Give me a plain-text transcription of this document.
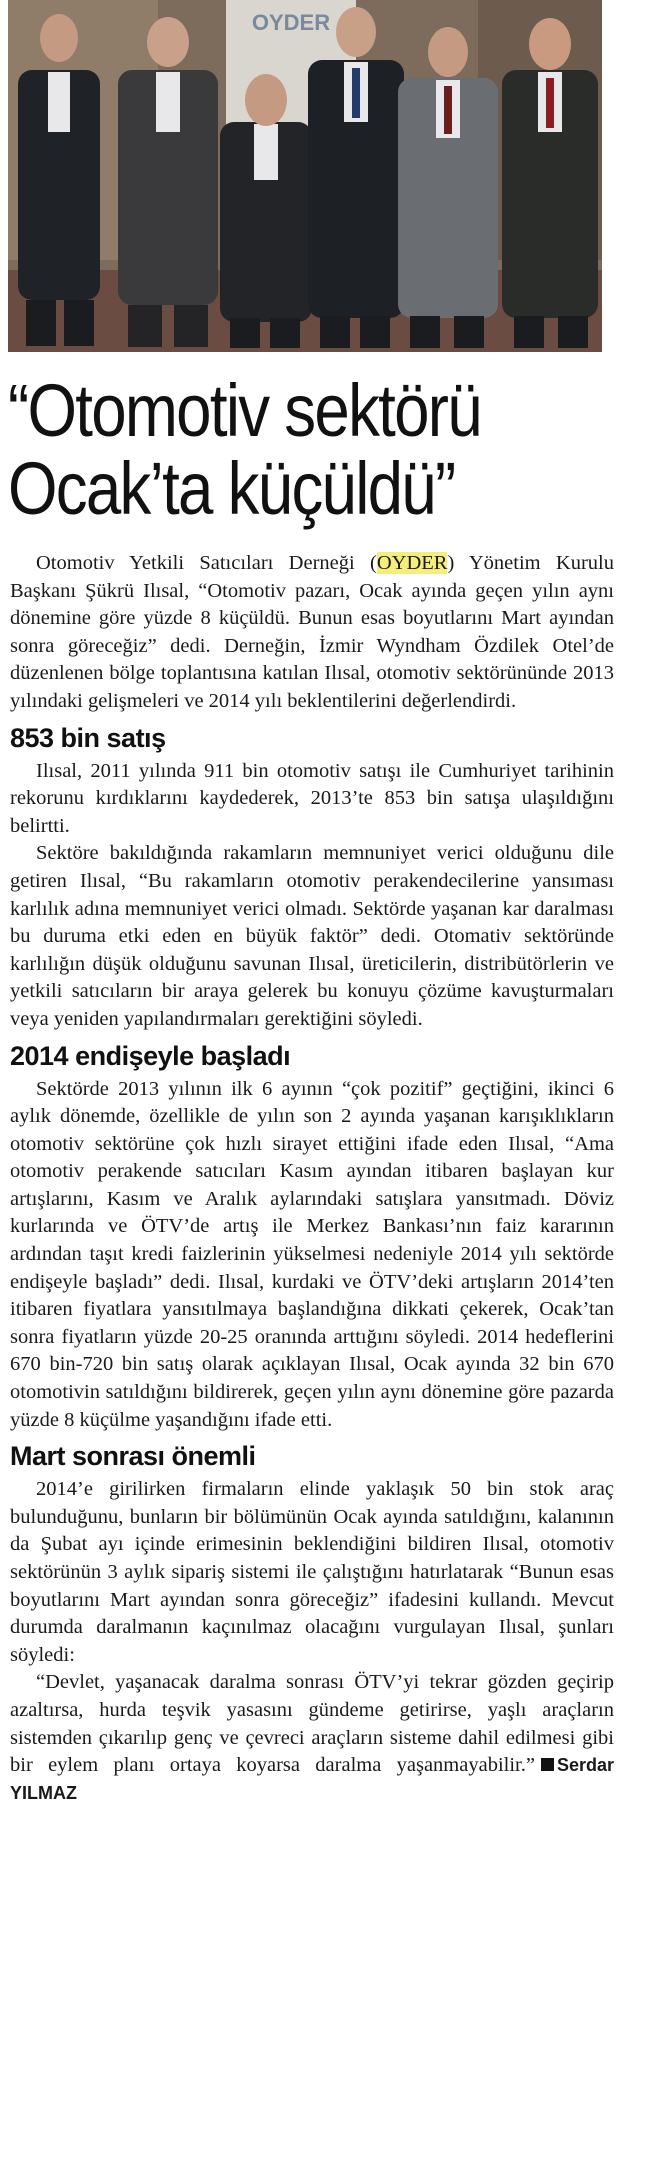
OYDER
“Otomotiv sektörü
Ocak’ta küçüldü”

Otomotiv Yetkili Satıcıları Derneği (OYDER) Yönetim Kurulu Başkanı Şükrü Ilısal, “Otomotiv pazarı, Ocak ayında geçen yılın aynı dönemine göre yüzde 8 küçüldü. Bunun esas boyutlarını Mart ayından sonra göreceğiz” dedi. Derneğin, İzmir Wyndham Özdilek Otel’de düzenlenen bölge toplantısına katılan Ilısal, otomotiv sektörününde 2013 yılındaki gelişmeleri ve 2014 yılı beklentilerini değerlendirdi.

853 bin satış

Ilısal, 2011 yılında 911 bin otomotiv satışı ile Cumhuriyet tarihinin rekorunu kırdıklarını kaydederek, 2013’te 853 bin satışa ulaşıldığını belirtti.

Sektöre bakıldığında rakamların memnuniyet verici olduğunu dile getiren Ilısal, “Bu rakamların otomotiv perakendecilerine yansıması karlılık adına memnuniyet verici olmadı. Sektörde yaşanan kar daralması bu duruma etki eden en büyük faktör” dedi. Otomativ sektöründe karlılığın düşük olduğunu savunan Ilısal, üreticilerin, distribütörlerin ve yetkili satıcıların bir araya gelerek bu konuyu çözüme kavuşturmaları veya yeniden yapılandırmaları gerektiğini söyledi.

2014 endişeyle başladı

Sektörde 2013 yılının ilk 6 ayının “çok pozitif” geçtiğini, ikinci 6 aylık dönemde, özellikle de yılın son 2 ayında yaşanan karışıklıkların otomotiv sektörüne çok hızlı sirayet ettiğini ifade eden Ilısal, “Ama otomotiv perakende satıcıları Kasım ayından itibaren başlayan kur artışlarını, Kasım ve Aralık aylarındaki satışlara yansıtmadı. Döviz kurlarında ve ÖTV’de artış ile Merkez Bankası’nın faiz kararının ardından taşıt kredi faizlerinin yükselmesi nedeniyle 2014 yılı sektörde endişeyle başladı” dedi. Ilısal, kurdaki ve ÖTV’deki artışların 2014’ten itibaren fiyatlara yansıtılmaya başlandığına dikkati çekerek, Ocak’tan sonra fiyatların yüzde 20-25 oranında arttığını söyledi. 2014 hedeflerini 670 bin-720 bin satış olarak açıklayan Ilısal, Ocak ayında 32 bin 670 otomotivin satıldığını bildirerek, geçen yılın aynı dönemine göre pazarda yüzde 8 küçülme yaşandığını ifade etti.

Mart sonrası önemli

2014’e girilirken firmaların elinde yaklaşık 50 bin stok araç bulunduğunu, bunların bir bölümünün Ocak ayında satıldığını, kalanının da Şubat ayı içinde erimesinin beklendiğini bildiren Ilısal, otomotiv sektörünün 3 aylık sipariş sistemi ile çalıştığını hatırlatarak “Bunun esas boyutlarını Mart ayından sonra göreceğiz” ifadesini kullandı. Mevcut durumda daralmanın kaçınılmaz olacağını vurgulayan Ilısal, şunları söyledi:

“Devlet, yaşanacak daralma sonrası ÖTV’yi tekrar gözden geçirip azaltırsa, hurda teşvik yasasını gündeme getirirse, yaşlı araçların sistemden çıkarılıp genç ve çevreci araçların sisteme dahil edilmesi gibi bir eylem planı ortaya koyarsa daralma yaşanmayabilir.” Serdar YILMAZ
